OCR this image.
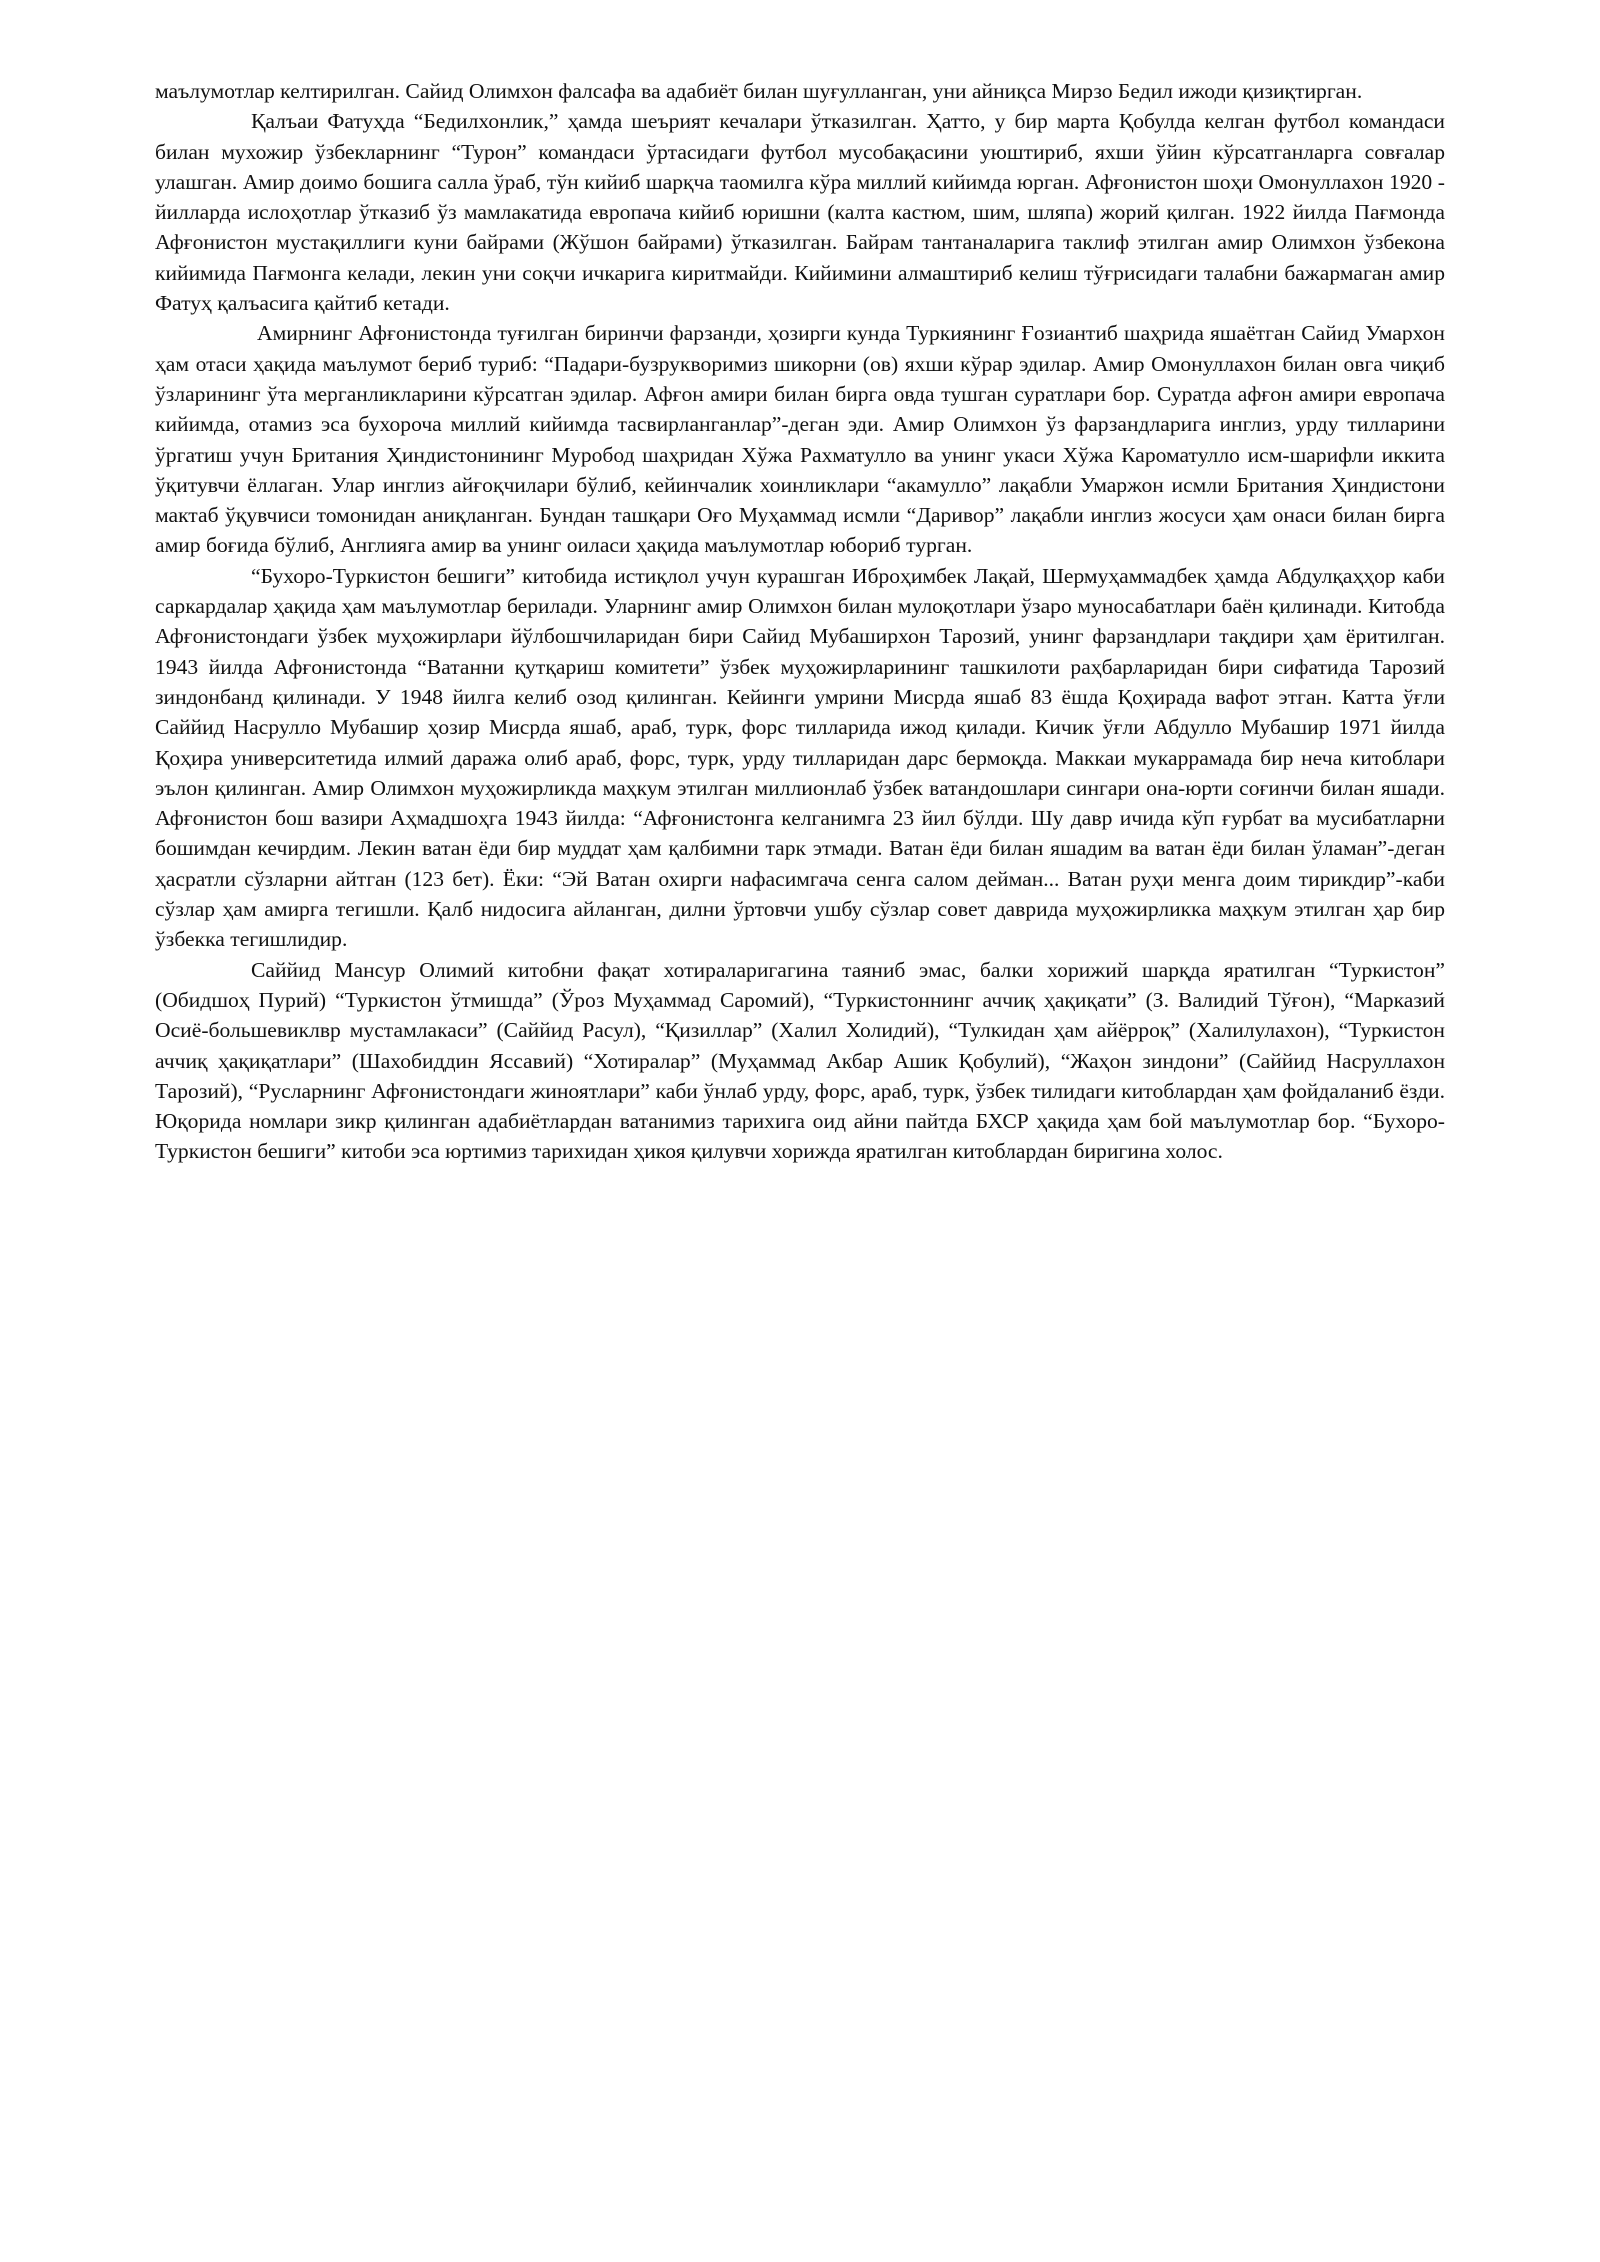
маълумотлар келтирилган. Сайид Олимхон фалсафа ва адабиёт билан шуғулланган, уни айниқса Мирзо Бедил ижоди қизиқтирган.

Қалъаи Фатуҳда “Бедилхонлик,” ҳамда шеърият кечалари ўтказилган. Ҳатто, у бир марта Қобулда келган футбол командаси билан мухожир ўзбекларнинг “Турон” командаси ўртасидаги футбол мусобақасини уюштириб, яхши ўйин кўрсатганларга совғалар улашган. Амир доимо бошига салла ўраб, тўн кийиб шарқча таомилга кўра миллий кийимда юрган. Афғонистон шоҳи Омонуллахон 1920 - йилларда ислоҳотлар ўтказиб ўз мамлакатида европача кийиб юришни (калта кастюм, шим, шляпа) жорий қилган. 1922 йилда Пағмонда Афғонистон мустақиллиги куни байрами (Жўшон байрами) ўтказилган. Байрам тантаналарига таклиф этилган амир Олимхон ўзбекона кийимида Пағмонга келади, лекин уни соқчи ичкарига киритмайди. Кийимини алмаштириб келиш тўғрисидаги талабни бажармаган амир Фатуҳ қалъасига қайтиб кетади.

Амирнинг Афғонистонда туғилган биринчи фарзанди, ҳозирги кунда Туркиянинг Ғозиантиб шаҳрида яшаётган Сайид Умархон ҳам отаси ҳақида маълумот бериб туриб: “Падари-бузрукворимиз шикорни (ов) яхши кўрар эдилар. Амир Омонуллахон билан овга чиқиб ўзларининг ўта мерганликларини кўрсатган эдилар. Афғон амири билан бирга овда тушган суратлари бор. Суратда афғон амири европача кийимда, отамиз эса бухороча миллий кийимда тасвирланганлар”-деган эди. Амир Олимхон ўз фарзандларига инглиз, урду тилларини ўргатиш учун Британия Ҳиндистонининг Муробод шаҳридан Хўжа Рахматулло ва унинг укаси Хўжа Кароматулло исм-шарифли иккита ўқитувчи ёллаган. Улар инглиз айғоқчилари бўлиб, кейинчалик хоинликлари “акамулло” лақабли Умаржон исмли Британия Ҳиндистони мактаб ўқувчиси томонидан аниқланган. Бундан ташқари Оғо Муҳаммад исмли “Даривор” лақабли инглиз жосуси ҳам онаси билан бирга амир боғида бўлиб, Англияга амир ва унинг оиласи ҳақида маълумотлар юбориб турган.

“Бухоро-Туркистон бешиги” китобида истиқлол учун курашган Иброҳимбек Лақай, Шермуҳаммадбек ҳамда Абдулқаҳҳор каби саркардалар ҳақида ҳам маълумотлар берилади. Уларнинг амир Олимхон билан мулоқотлари ўзаро муносабатлари баён қилинади. Китобда Афғонистондаги ўзбек муҳожирлари йўлбошчиларидан бири Сайид Мубаширхон Тарозий, унинг фарзандлари тақдири ҳам ёритилган. 1943 йилда Афғонистонда “Ватанни қутқариш комитети” ўзбек муҳожирларининг ташкилоти раҳбарларидан бири сифатида Тарозий зиндонбанд қилинади. У 1948 йилга келиб озод қилинган. Кейинги умрини Мисрда яшаб 83 ёшда Қоҳирада вафот этган. Катта ўғли Саййид Насрулло Мубашир ҳозир Мисрда яшаб, араб, турк, форс тилларида ижод қилади. Кичик ўғли Абдулло Мубашир 1971 йилда Қоҳира университетида илмий даража олиб араб, форс, турк, урду тилларидан дарс бермоқда. Маккаи мукаррамада бир неча китоблари эълон қилинган. Амир Олимхон муҳожирликда маҳкум этилган миллионлаб ўзбек ватандошлари сингари она-юрти соғинчи билан яшади. Афғонистон бош вазири Аҳмадшоҳга 1943 йилда: “Афғонистонга келганимга 23 йил бўлди. Шу давр ичида кўп ғурбат ва мусибатларни бошимдан кечирдим. Лекин ватан ёди бир муддат ҳам қалбимни тарк этмади. Ватан ёди билан яшадим ва ватан ёди билан ўламан”-деган ҳасратли сўзларни айтган (123 бет). Ёки: “Эй Ватан охирги нафасимгача сенга салом дейман... Ватан руҳи менга доим тирикдир”-каби сўзлар ҳам амирга тегишли. Қалб нидосига айланган, дилни ўртовчи ушбу сўзлар совет даврида муҳожирликка маҳкум этилган ҳар бир ўзбекка тегишлидир.

Саййид Мансур Олимий китобни фақат хотираларигагина таяниб эмас, балки хорижий шарқда яратилган “Туркистон” (Обидшоҳ Пурий) “Туркистон ўтмишда” (Ўроз Муҳаммад Саромий), “Туркистоннинг аччиқ ҳақиқати” (З. Валидий Тўғон), “Марказий Осиё-большевиклвр мустамлакаси” (Саййид Расул), “Қизиллар” (Халил Холидий), “Тулкидан ҳам айёрроқ” (Халилулахон), “Туркистон аччиқ ҳақиқатлари” (Шахобиддин Яссавий) “Хотиралар” (Муҳаммад Акбар Ашик Қобулий), “Жаҳон зиндони” (Саййид Насруллахон Тарозий), “Русларнинг Афғонистондаги жиноятлари” каби ўнлаб урду, форс, араб, турк, ўзбек тилидаги китоблардан ҳам фойдаланиб ёзди. Юқорида номлари зикр қилинган адабиётлардан ватанимиз тарихига оид айни пайтда БХСР ҳақида ҳам бой маълумотлар бор. “Бухоро-Туркистон бешиги” китоби эса юртимиз тарихидан ҳикоя қилувчи хорижда яратилган китоблардан биригина холос.
